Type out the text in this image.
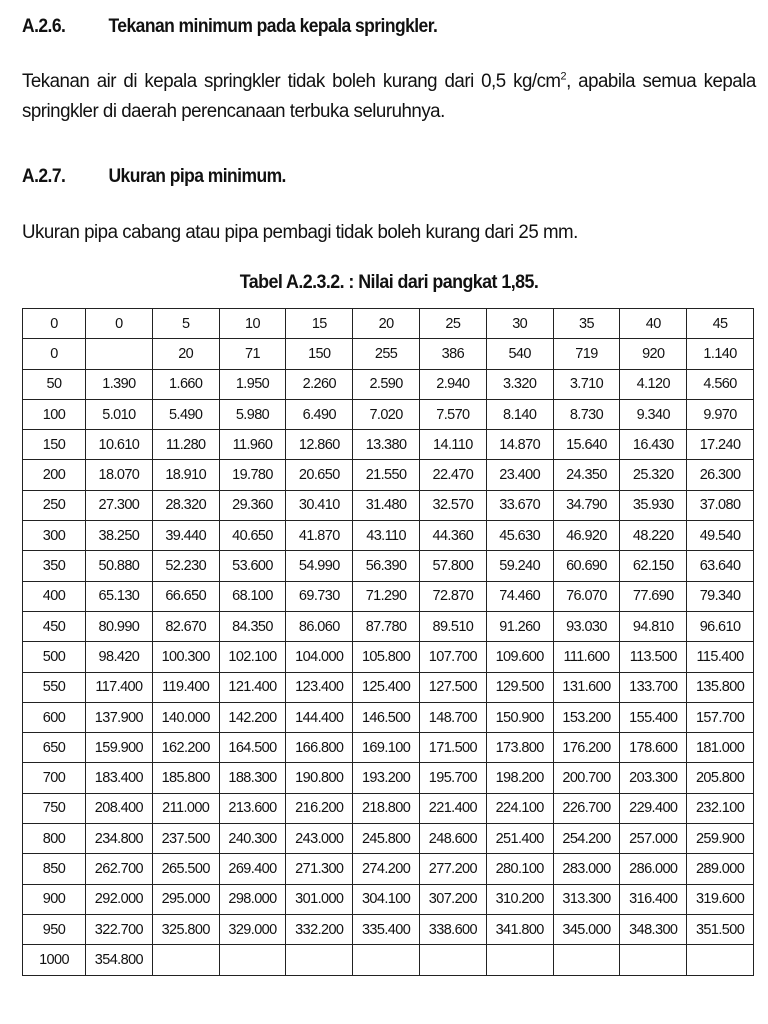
A.2.6.	Tekanan minimum pada kepala springkler.
Tekanan air di kepala springkler tidak boleh kurang dari 0,5 $kg/cm^2$, apabila semua kepala springkler di daerah perencanaan terbuka seluruhnya.
A.2.7.	Ukuran pipa minimum.
Ukuran pipa cabang atau pipa pembagi tidak boleh kurang dari 25 mm.
Tabel A.2.3.2. : Nilai dari pangkat 1,85.
0	0	5	10	15	20	25	30	35	40	45
0		20	71	150	255	386	540	719	920	1.140
50	1.390	1.660	1.950	2.260	2.590	2.940	3.320	3.710	4.120	4.560
100	5.010	5.490	5.980	6.490	7.020	7.570	8.140	8.730	9.340	9.970
150	10.610	11.280	11.960	12.860	13.380	14.110	14.870	15.640	16.430	17.240
200	18.070	18.910	19.780	20.650	21.550	22.470	23.400	24.350	25.320	26.300
250	27.300	28.320	29.360	30.410	31.480	32.570	33.670	34.790	35.930	37.080
300	38.250	39.440	40.650	41.870	43.110	44.360	45.630	46.920	48.220	49.540
350	50.880	52.230	53.600	54.990	56.390	57.800	59.240	60.690	62.150	63.640
400	65.130	66.650	68.100	69.730	71.290	72.870	74.460	76.070	77.690	79.340
450	80.990	82.670	84.350	86.060	87.780	89.510	91.260	93.030	94.810	96.610
500	98.420	100.300	102.100	104.000	105.800	107.700	109.600	111.600	113.500	115.400
550	117.400	119.400	121.400	123.400	125.400	127.500	129.500	131.600	133.700	135.800
600	137.900	140.000	142.200	144.400	146.500	148.700	150.900	153.200	155.400	157.700
650	159.900	162.200	164.500	166.800	169.100	171.500	173.800	176.200	178.600	181.000
700	183.400	185.800	188.300	190.800	193.200	195.700	198.200	200.700	203.300	205.800
750	208.400	211.000	213.600	216.200	218.800	221.400	224.100	226.700	229.400	232.100
800	234.800	237.500	240.300	243.000	245.800	248.600	251.400	254.200	257.000	259.900
850	262.700	265.500	269.400	271.300	274.200	277.200	280.100	283.000	286.000	289.000
900	292.000	295.000	298.000	301.000	304.100	307.200	310.200	313.300	316.400	319.600
950	322.700	325.800	329.000	332.200	335.400	338.600	341.800	345.000	348.300	351.500
1000	354.800									
